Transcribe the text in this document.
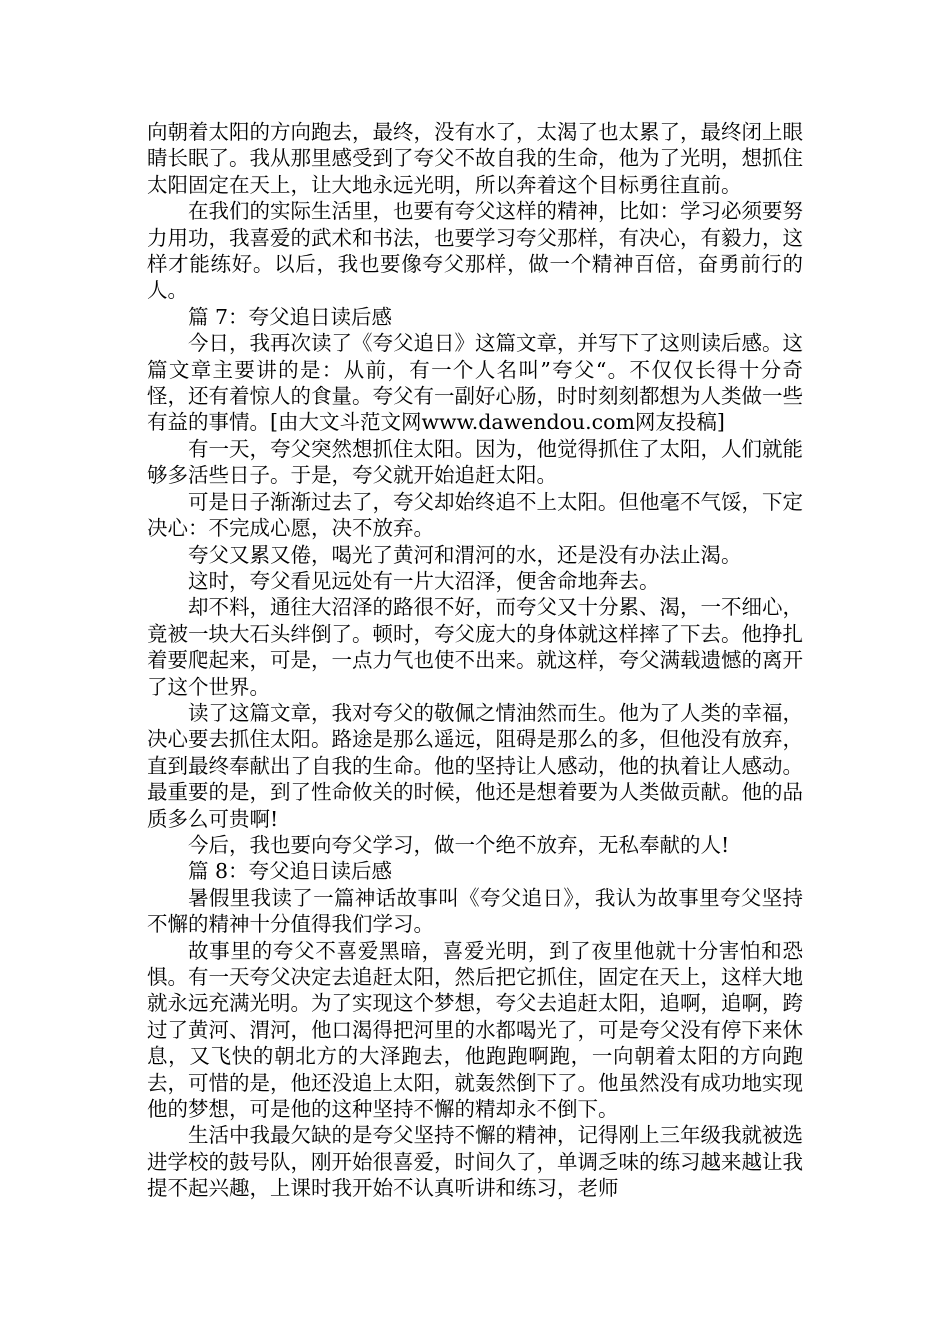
向朝着太阳的方向跑去，最终，没有水了，太渴了也太累了，最终闭上眼睛长眠了。我从那里感受到了夸父不故自我的生命，他为了光明，想抓住太阳固定在天上，让大地永远光明，所以奔着这个目标勇往直前。

在我们的实际生活里，也要有夸父这样的精神，比如：学习必须要努力用功，我喜爱的武术和书法，也要学习夸父那样，有决心，有毅力，这样才能练好。以后，我也要像夸父那样，做一个精神百倍，奋勇前行的人。

篇 7：夸父追日读后感

今日，我再次读了《夸父追日》这篇文章，并写下了这则读后感。这篇文章主要讲的是：从前，有一个人名叫”夸父“。不仅仅长得十分奇怪，还有着惊人的食量。夸父有一副好心肠，时时刻刻都想为人类做一些有益的事情。[由大文斗范文网www.dawendou.com网友投稿]

有一天，夸父突然想抓住太阳。因为，他觉得抓住了太阳，人们就能够多活些日子。于是，夸父就开始追赶太阳。

可是日子渐渐过去了，夸父却始终追不上太阳。但他毫不气馁，下定决心：不完成心愿，决不放弃。

夸父又累又倦，喝光了黄河和渭河的水，还是没有办法止渴。

这时，夸父看见远处有一片大沼泽，便舍命地奔去。

却不料，通往大沼泽的路很不好，而夸父又十分累、渴，一不细心，竟被一块大石头绊倒了。顿时，夸父庞大的身体就这样摔了下去。他挣扎着要爬起来，可是，一点力气也使不出来。就这样，夸父满载遗憾的离开了这个世界。

读了这篇文章，我对夸父的敬佩之情油然而生。他为了人类的幸福，决心要去抓住太阳。路途是那么遥远，阻碍是那么的多，但他没有放弃，直到最终奉献出了自我的生命。他的坚持让人感动，他的执着让人感动。最重要的是，到了性命攸关的时候，他还是想着要为人类做贡献。他的品质多么可贵啊!

今后，我也要向夸父学习，做一个绝不放弃，无私奉献的人!

篇 8：夸父追日读后感

暑假里我读了一篇神话故事叫《夸父追日》，我认为故事里夸父坚持不懈的精神十分值得我们学习。

故事里的夸父不喜爱黑暗，喜爱光明，到了夜里他就十分害怕和恐惧。有一天夸父决定去追赶太阳，然后把它抓住，固定在天上，这样大地就永远充满光明。为了实现这个梦想，夸父去追赶太阳，追啊，追啊，跨过了黄河、渭河，他口渴得把河里的水都喝光了，可是夸父没有停下来休息，又飞快的朝北方的大泽跑去，他跑跑啊跑，一向朝着太阳的方向跑去，可惜的是，他还没追上太阳，就轰然倒下了。他虽然没有成功地实现他的梦想，可是他的这种坚持不懈的精却永不倒下。

生活中我最欠缺的是夸父坚持不懈的精神，记得刚上三年级我就被选进学校的鼓号队，刚开始很喜爱，时间久了，单调乏味的练习越来越让我提不起兴趣，上课时我开始不认真听讲和练习，老师
